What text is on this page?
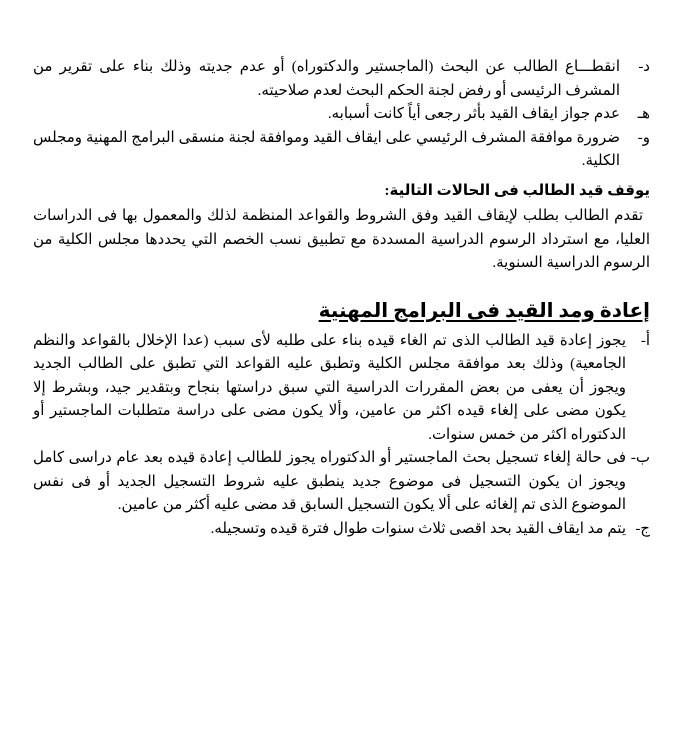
د-
انقطـــاع الطالب عن البحث (الماجستير والدكتوراه) أو عدم جديته وذلك بناء على تقرير من المشرف الرئيسى أو رفض لجنة الحكم البحث لعدم صلاحيته.
هـ
عدم جواز ايقاف القيد بأثر رجعى أياً كانت أسبابه.
و-
ضرورة موافقة المشرف الرئيسي على ايقاف القيد وموافقة لجنة منسقى البرامج المهنية ومجلس الكلية.
يوقف قيد الطالب فى الحالات التالية:
تقدم الطالب بطلب لإيقاف القيد وفق الشروط والقواعد المنظمة لذلك والمعمول بها فى الدراسات العليا، مع استرداد الرسوم الدراسية المسددة مع تطبيق نسب الخصم التي يحددها مجلس الكلية من الرسوم الدراسية السنوية.
إعادة ومد القيد فى البرامج المهنية
أ-
يجوز إعادة قيد الطالب الذى تم الغاء قيده بناء على طلبه لأى سبب (عدا الإخلال بالقواعد والنظم الجامعية) وذلك بعد موافقة مجلس الكلية وتطبق عليه القواعد التي تطبق على الطالب الجديد ويجوز أن يعفى من بعض المقررات الدراسية التي سبق دراستها بنجاح وبتقدير جيد، وبشرط إلا يكون مضى على إلغاء قيده اكثر من عامين، وألا يكون مضى على دراسة متطلبات الماجستير أو الدكتوراه اكثر من خمس سنوات.
ب-
فى حالة إلغاء تسجيل بحث الماجستير أو الدكتوراه يجوز للطالب إعادة قيده بعد عام دراسى كامل ويجوز ان يكون التسجيل فى موضوع جديد ينطبق عليه شروط التسجيل الجديد أو فى نفس الموضوع الذى تم إلغائه على ألا يكون التسجيل السابق قد مضى عليه أكثر من عامين.
ج-
يتم مد ايقاف القيد بحد اقصى ثلاث سنوات طوال فترة قيده وتسجيله.
